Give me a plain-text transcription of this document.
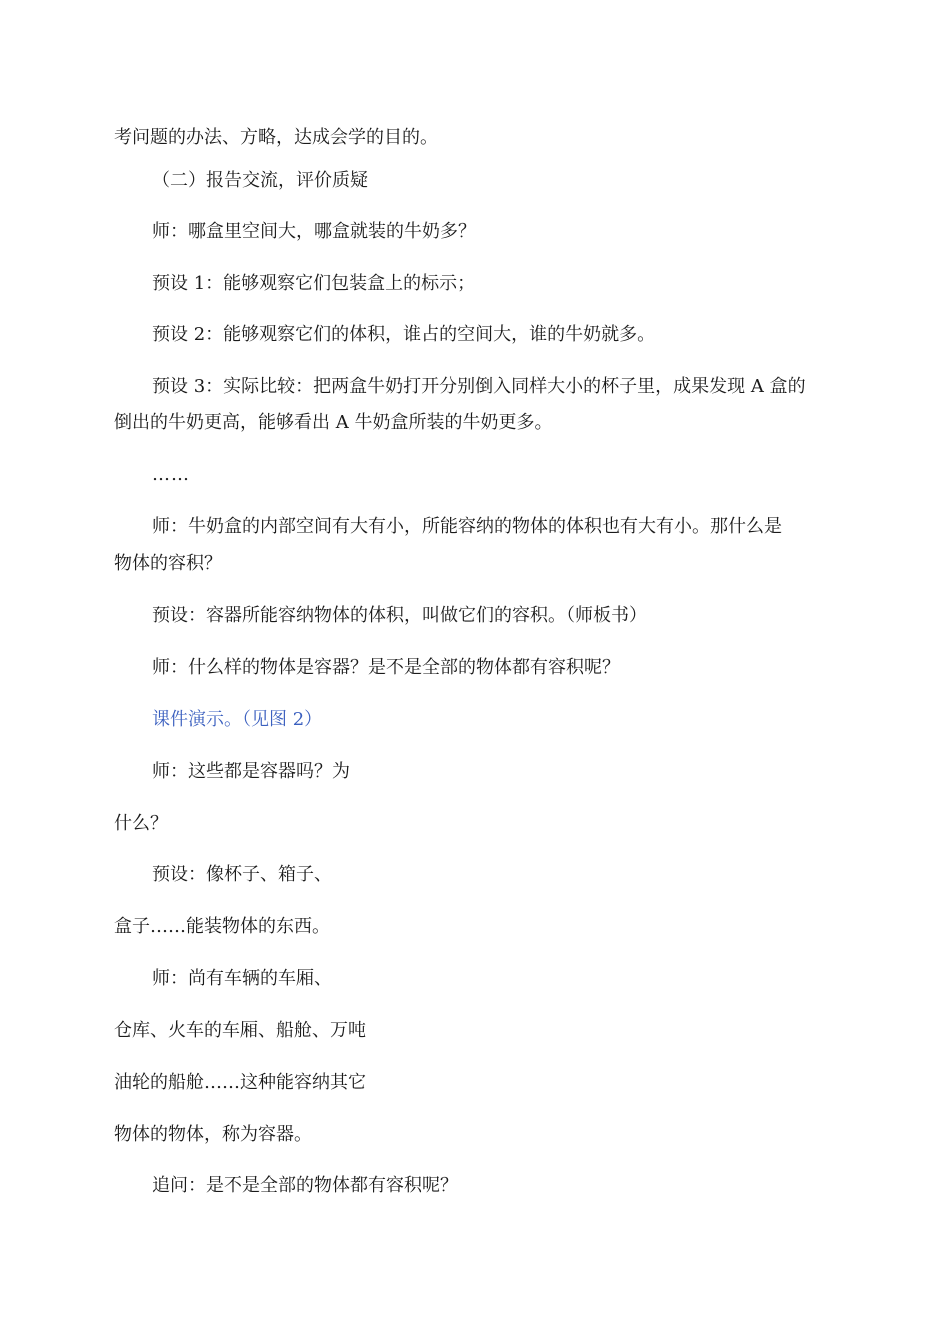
考问题的办法、方略，达成会学的目的。
（二）报告交流，评价质疑
师：哪盒里空间大，哪盒就装的牛奶多？
预设 1：能够观察它们包装盒上的标示；
预设 2：能够观察它们的体积，谁占的空间大，谁的牛奶就多。
预设 3：实际比较：把两盒牛奶打开分别倒入同样大小的杯子里，成果发现 A 盒的
倒出的牛奶更高，能够看出 A 牛奶盒所装的牛奶更多。
……
师：牛奶盒的内部空间有大有小，所能容纳的物体的体积也有大有小。那什么是
物体的容积？
预设：容器所能容纳物体的体积，叫做它们的容积。（师板书）
师：什么样的物体是容器？是不是全部的物体都有容积呢？
课件演示。（见图 2）
师：这些都是容器吗？为
什么？
预设：像杯子、箱子、
盒子……能装物体的东西。
师：尚有车辆的车厢、
仓库、火车的车厢、船舱、万吨
油轮的船舱……这种能容纳其它
物体的物体，称为容器。
追问：是不是全部的物体都有容积呢？
